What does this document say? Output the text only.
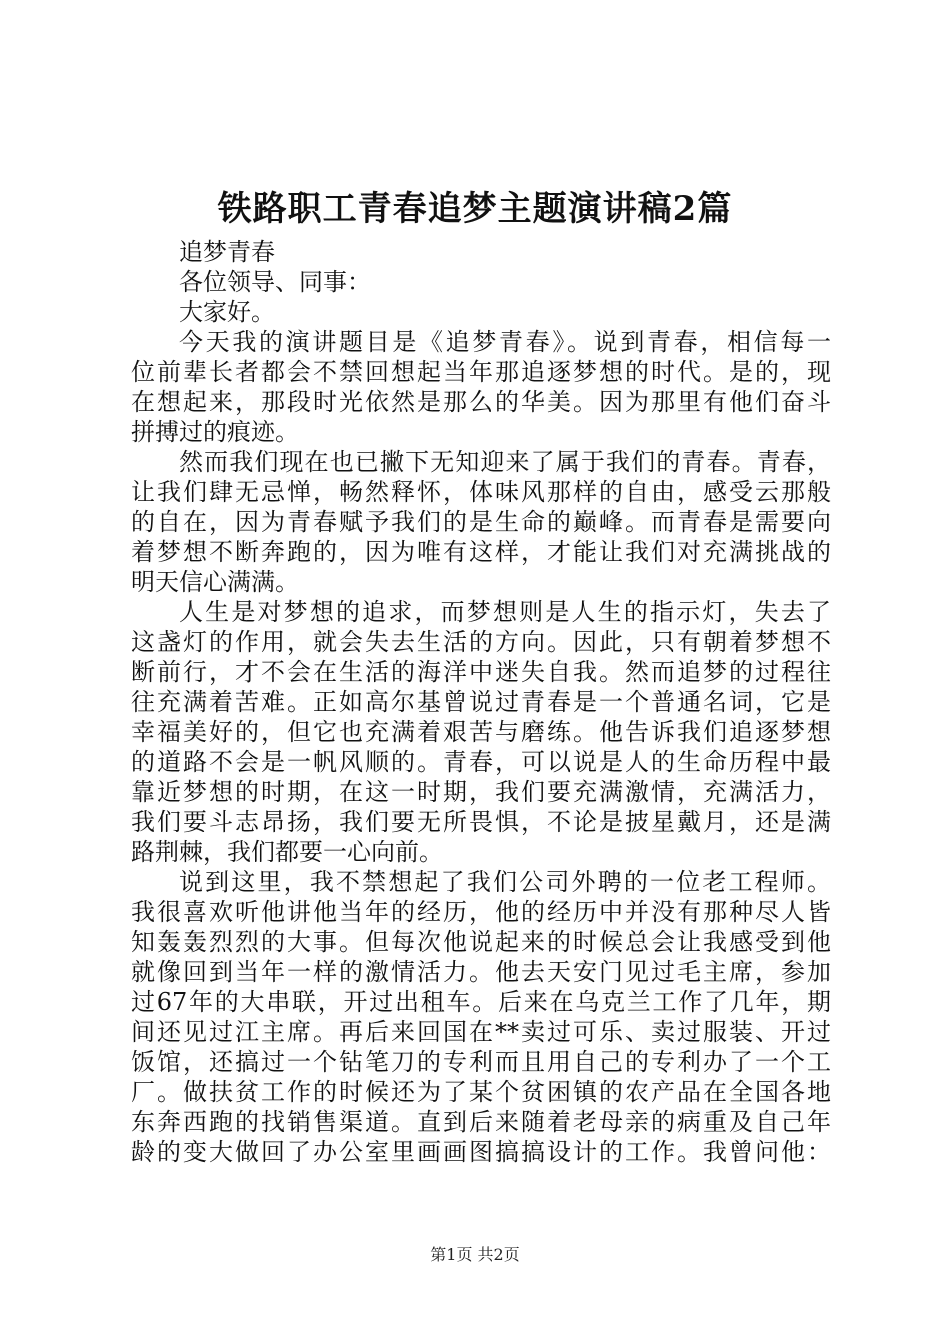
铁路职工青春追梦主题演讲稿2篇
追梦青春
各位领导、同事：
大家好。
今天我的演讲题目是《追梦青春》。说到青春，相信每一
位前辈长者都会不禁回想起当年那追逐梦想的时代。是的，现
在想起来，那段时光依然是那么的华美。因为那里有他们奋斗
拼搏过的痕迹。
然而我们现在也已撇下无知迎来了属于我们的青春。青春，
让我们肆无忌惮，畅然释怀，体味风那样的自由，感受云那般
的自在，因为青春赋予我们的是生命的巅峰。而青春是需要向
着梦想不断奔跑的，因为唯有这样，才能让我们对充满挑战的
明天信心满满。
人生是对梦想的追求，而梦想则是人生的指示灯，失去了
这盏灯的作用，就会失去生活的方向。因此，只有朝着梦想不
断前行，才不会在生活的海洋中迷失自我。然而追梦的过程往
往充满着苦难。正如高尔基曾说过青春是一个普通名词，它是
幸福美好的，但它也充满着艰苦与磨练。他告诉我们追逐梦想
的道路不会是一帆风顺的。青春，可以说是人的生命历程中最
靠近梦想的时期，在这一时期，我们要充满激情，充满活力，
我们要斗志昂扬，我们要无所畏惧，不论是披星戴月，还是满
路荆棘，我们都要一心向前。
说到这里，我不禁想起了我们公司外聘的一位老工程师。
我很喜欢听他讲他当年的经历，他的经历中并没有那种尽人皆
知轰轰烈烈的大事。但每次他说起来的时候总会让我感受到他
就像回到当年一样的激情活力。他去天安门见过毛主席，参加
过67年的大串联，开过出租车。后来在乌克兰工作了几年，期
间还见过江主席。再后来回国在**卖过可乐、卖过服装、开过
饭馆，还搞过一个钻笔刀的专利而且用自己的专利办了一个工
厂。做扶贫工作的时候还为了某个贫困镇的农产品在全国各地
东奔西跑的找销售渠道。直到后来随着老母亲的病重及自己年
龄的变大做回了办公室里画画图搞搞设计的工作。我曾问他：
第1页 共2页
